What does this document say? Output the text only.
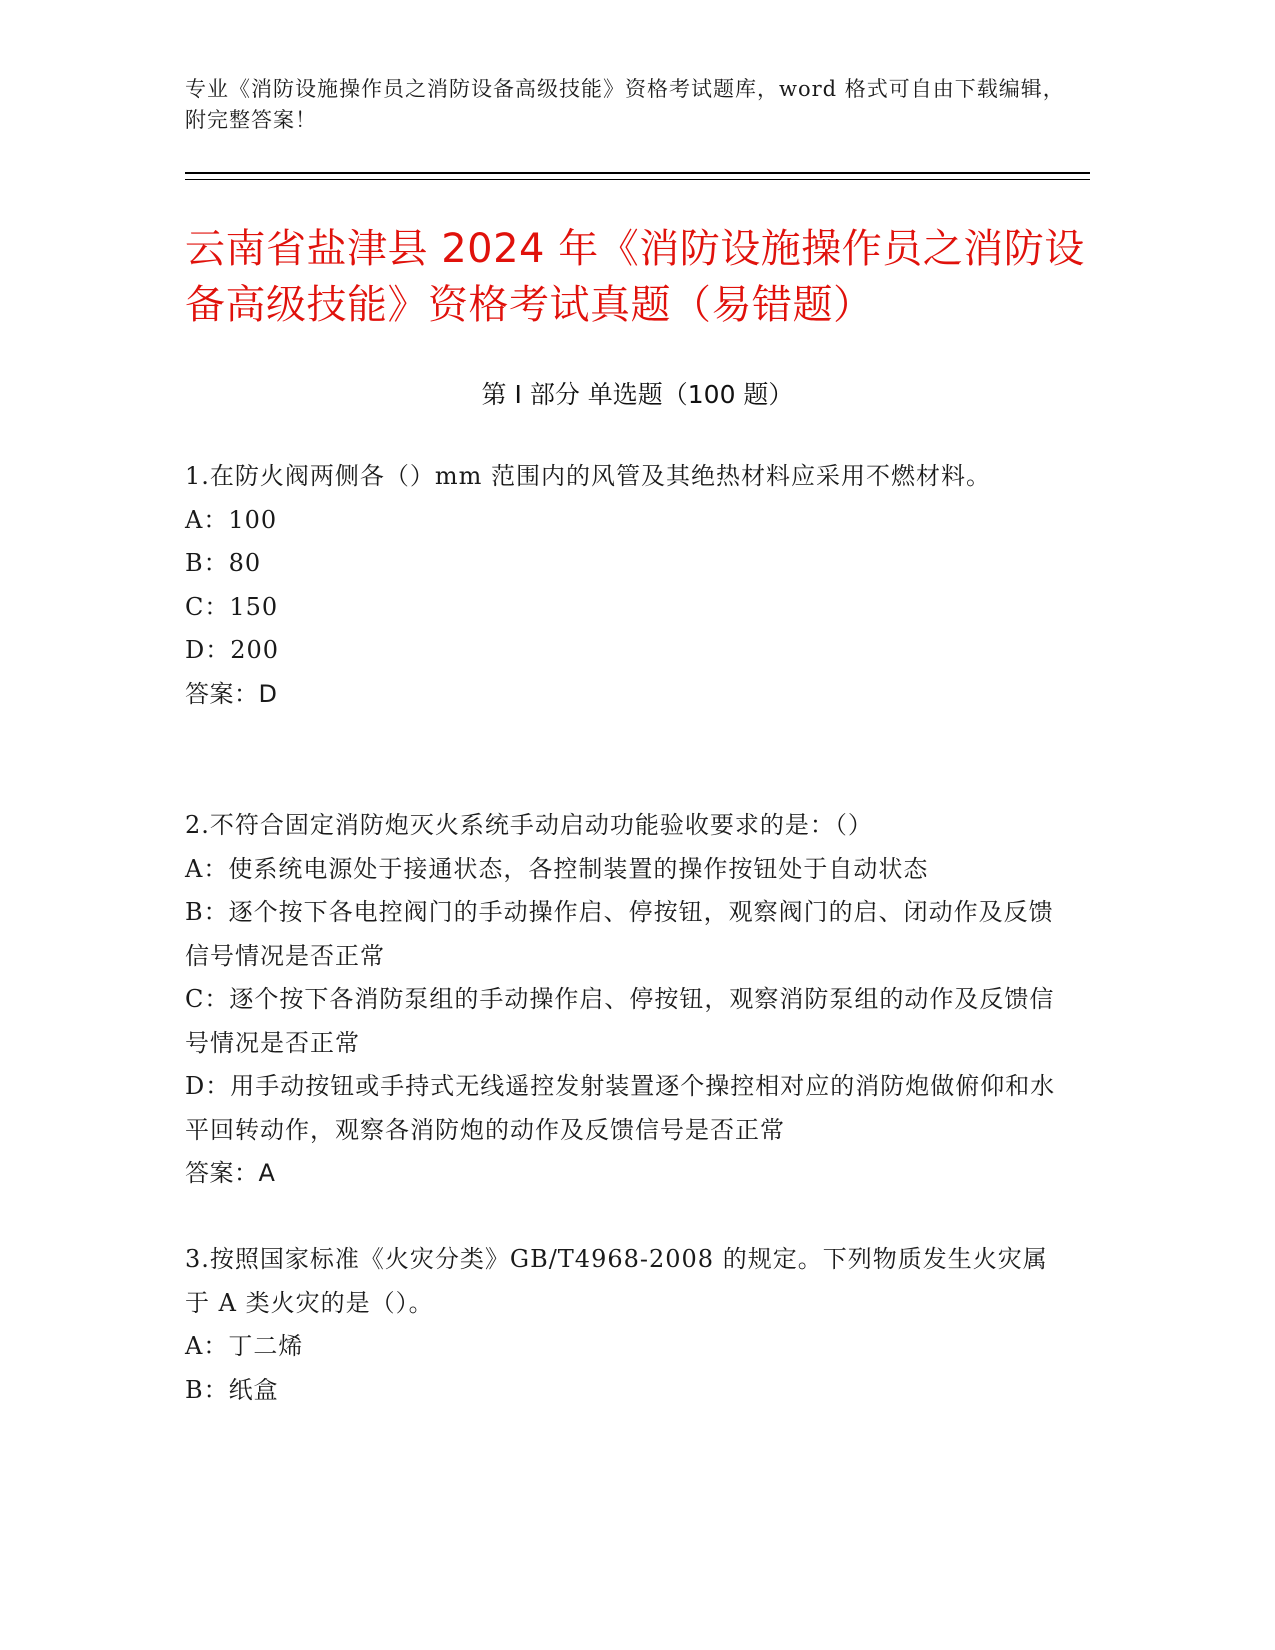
专业《消防设施操作员之消防设备高级技能》资格考试题库，word 格式可自由下载编辑，附完整答案！
云南省盐津县 2024 年《消防设施操作员之消防设备高级技能》资格考试真题（易错题）
第 I 部分 单选题（100 题）
1.在防火阀两侧各（）mm 范围内的风管及其绝热材料应采用不燃材料。
A：100
B：80
C：150
D：200
答案：D
2.不符合固定消防炮灭火系统手动启动功能验收要求的是：（）
A：使系统电源处于接通状态，各控制装置的操作按钮处于自动状态
B：逐个按下各电控阀门的手动操作启、停按钮，观察阀门的启、闭动作及反馈信号情况是否正常
C：逐个按下各消防泵组的手动操作启、停按钮，观察消防泵组的动作及反馈信号情况是否正常
D：用手动按钮或手持式无线遥控发射装置逐个操控相对应的消防炮做俯仰和水平回转动作，观察各消防炮的动作及反馈信号是否正常
答案：A
3.按照国家标准《火灾分类》GB/T4968-2008 的规定。下列物质发生火灾属于 A 类火灾的是（）。
A：丁二烯
B：纸盒
